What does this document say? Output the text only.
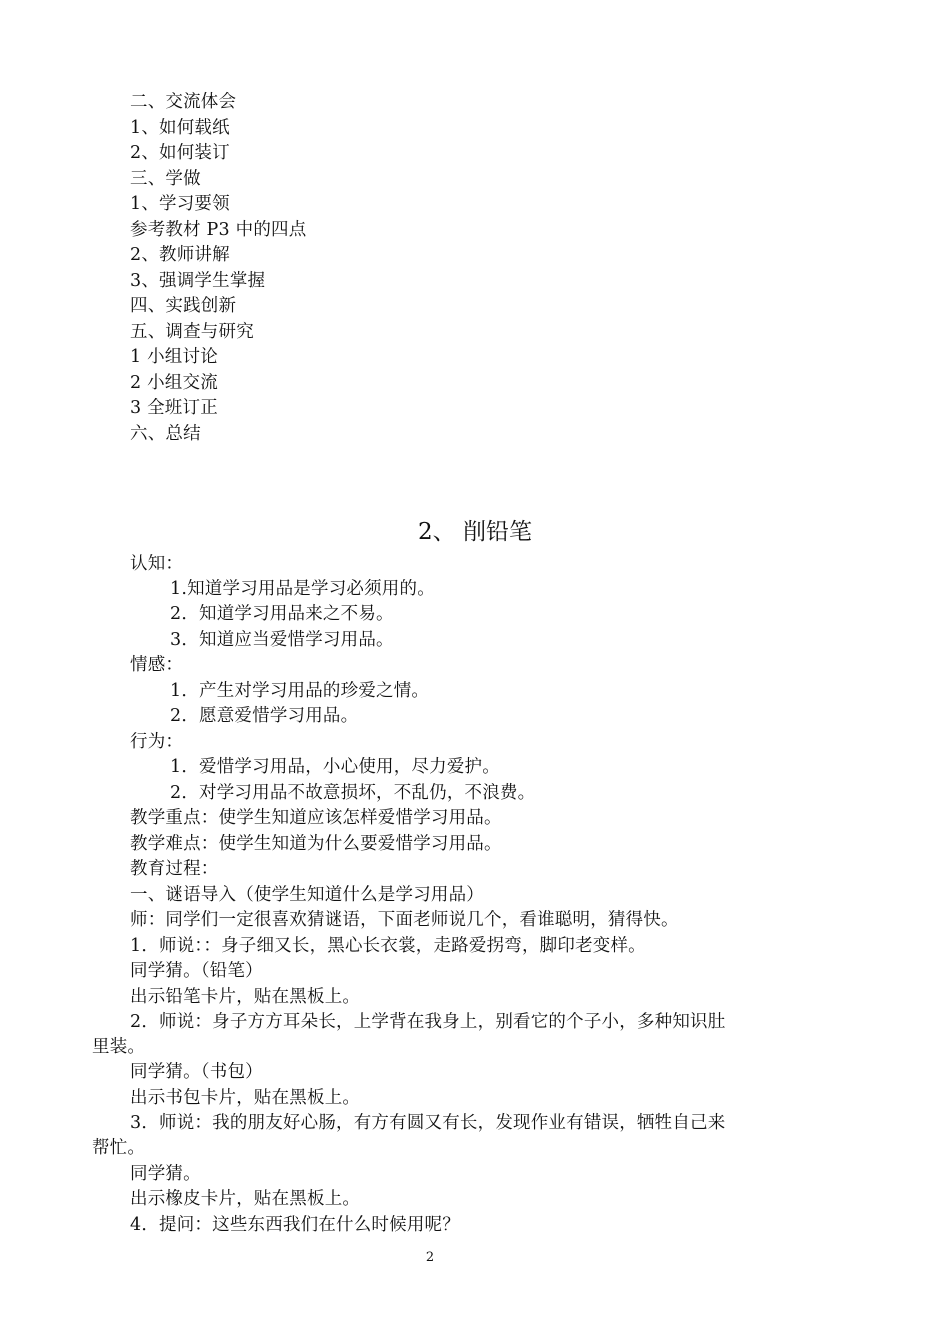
二、交流体会
1、如何载纸
2、如何装订
三、学做
1、学习要领
参考教材 P3 中的四点
2、教师讲解
3、强调学生掌握
四、实践创新
五、调查与研究
1 小组讨论
2 小组交流
3 全班订正
六、总结
2、 削铅笔
认知：
1.知道学习用品是学习必须用的。
2．知道学习用品来之不易。
3．知道应当爱惜学习用品。
情感：
1．产生对学习用品的珍爱之情。
2．愿意爱惜学习用品。
行为：
1．爱惜学习用品，小心使用，尽力爱护。
2．对学习用品不故意损坏，不乱仍，不浪费。
教学重点：使学生知道应该怎样爱惜学习用品。
教学难点：使学生知道为什么要爱惜学习用品。
教育过程：
一、谜语导入（使学生知道什么是学习用品）
师：同学们一定很喜欢猜谜语，下面老师说几个，看谁聪明，猜得快。
1．师说：：身子细又长，黑心长衣裳，走路爱拐弯，脚印老变样。
同学猜。（铅笔）
出示铅笔卡片，贴在黑板上。
2．师说：身子方方耳朵长，上学背在我身上，别看它的个子小，多种知识肚
里装。
同学猜。（书包）
出示书包卡片，贴在黑板上。
3．师说：我的朋友好心肠，有方有圆又有长，发现作业有错误，牺牲自己来
帮忙。
同学猜。
出示橡皮卡片，贴在黑板上。
4．提问：这些东西我们在什么时候用呢？
2
